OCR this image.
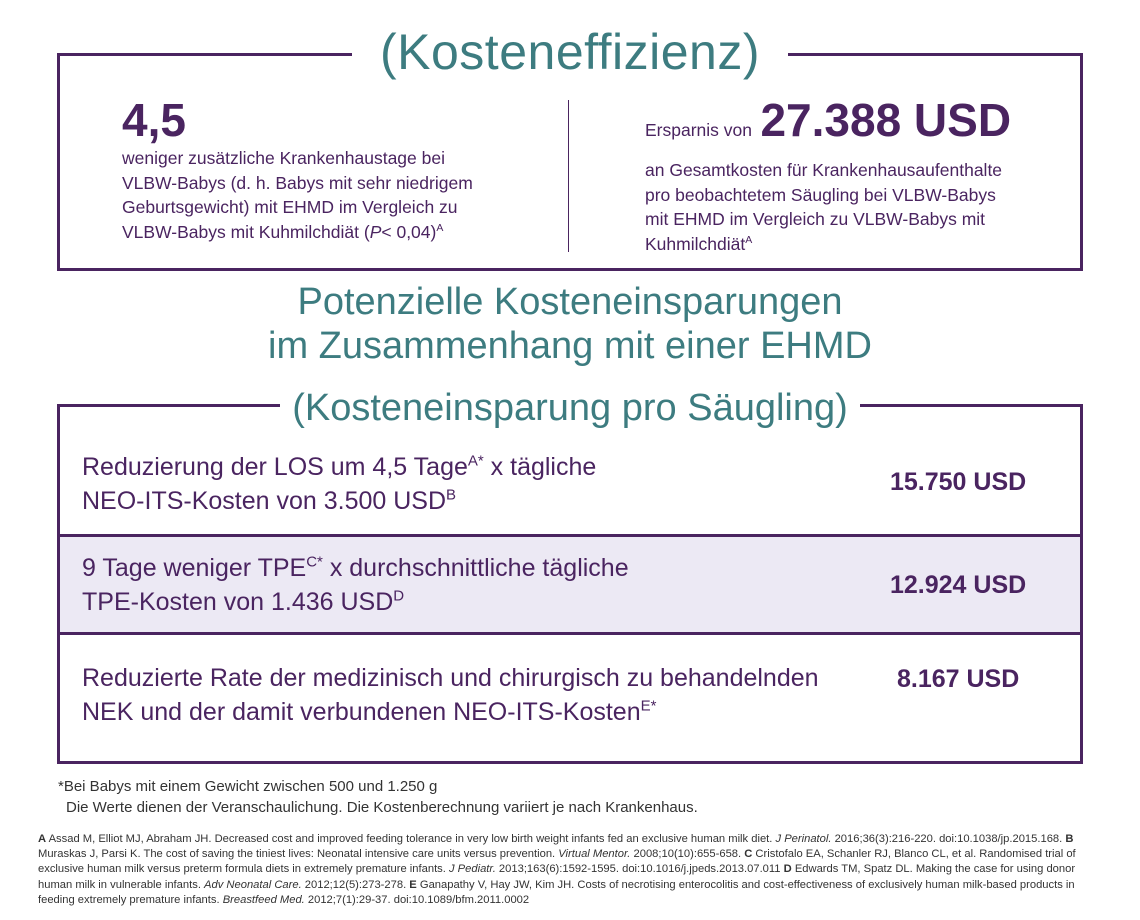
(Kosteneffizienz)
4,5
weniger zusätzliche Krankenhaustage bei
VLBW-Babys (d. h. Babys mit sehr niedrigem
Geburtsgewicht) mit EHMD im Vergleich zu
VLBW-Babys mit Kuhmilchdiät (P< 0,04)$^A$
Ersparnis von 27.388 USD
an Gesamtkosten für Krankenhausaufenthalte
pro beobachtetem Säugling bei VLBW-Babys
mit EHMD im Vergleich zu VLBW-Babys mit
Kuhmilchdiät$^A$
Potenzielle Kosteneinsparungen
im Zusammenhang mit einer EHMD
(Kosteneinsparung pro Säugling)
Reduzierung der LOS um 4,5 Tage$^{A*}$ x tägliche
NEO-ITS-Kosten von 3.500 $USD^B$	15.750 USD
9 Tage weniger $TPE^{C*}$ x durchschnittliche tägliche
TPE-Kosten von 1.436 $USD^D$	12.924 USD
Reduzierte Rate der medizinisch und chirurgisch zu behandelnden
NEK und der damit verbundenen NEO-ITS-Kosten$^{E*}$
8.167 USD
*Bei Babys mit einem Gewicht zwischen 500 und 1.250 g
Die Werte dienen der Veranschaulichung. Die Kostenberechnung variiert je nach Krankenhaus.
A Assad M, Elliot MJ, Abraham JH. Decreased cost and improved feeding tolerance in very low birth weight infants fed an exclusive human milk diet. J Perinatol. 2016;36(3):216-220. doi:10.1038/jp.2015.168. B Muraskas J, Parsi K. The cost of saving the tiniest lives: Neonatal intensive care units versus prevention. Virtual Mentor. 2008;10(10):655-658. C Cristofalo EA, Schanler RJ, Blanco CL, et al. Randomised trial of exclusive human milk versus preterm formula diets in extremely premature infants. J Pediatr. 2013;163(6):1592-1595. doi:10.1016/j.jpeds.2013.07.011 D Edwards TM, Spatz DL. Making the case for using donor human milk in vulnerable infants. Adv Neonatal Care. 2012;12(5):273-278. E Ganapathy V, Hay JW, Kim JH. Costs of necrotising enterocolitis and cost-effectiveness of exclusively human milk-based products in feeding extremely premature infants. Breastfeed Med. 2012;7(1):29-37. doi:10.1089/bfm.2011.0002
